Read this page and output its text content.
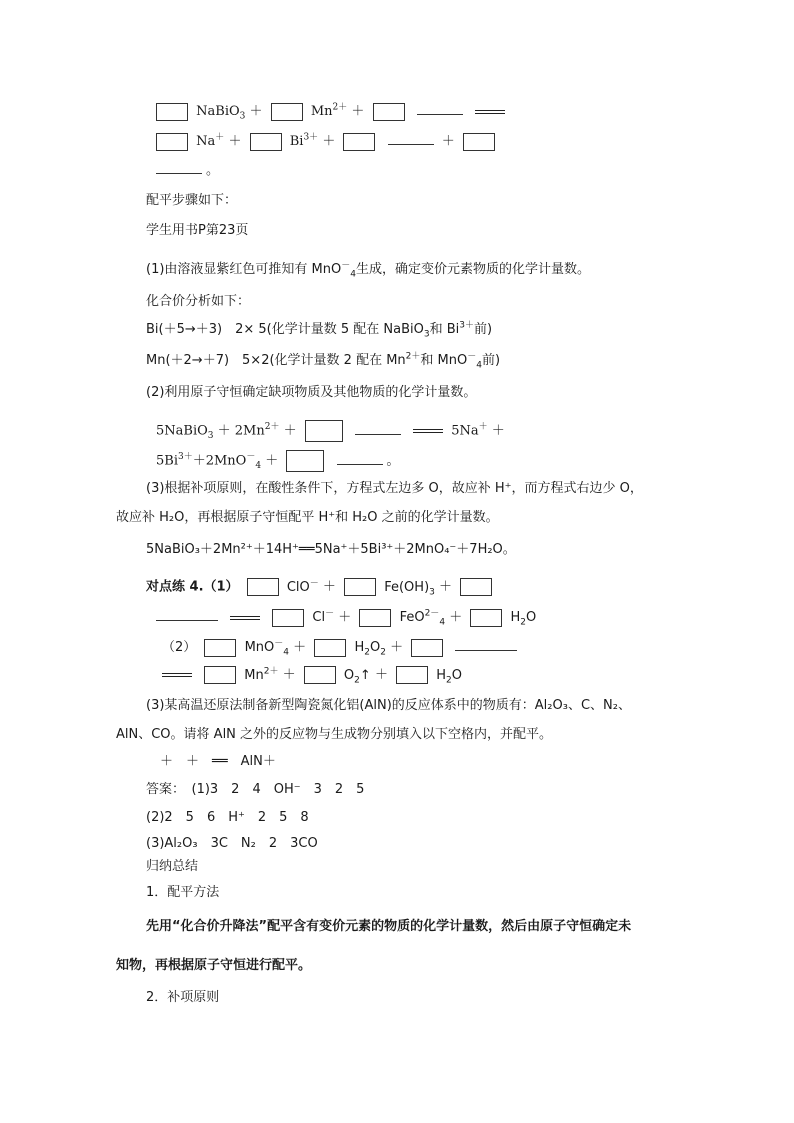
NaBiO$_3$ ＋	$Mn^{2+}$ ＋
Na＋ ＋	$Bi^{3+}$ ＋	＋
。
配平步骤如下：
学生用书P第23页
(1)由溶液显紫红色可推知有 MnO－$_4$生成，确定变价元素物质的化学计量数。
化合价分析如下：
Bi(＋5→＋3)　2× 5(化学计量数 5 配在 NaBiO$_3$和 $Bi^{3+}$前)
Mn(＋2→＋7)　5×2(化学计量数 2 配在 $Mn^{2+}$和 MnO－$_4$前)
(2)利用原子守恒确定缺项物质及其他物质的化学计量数。
5NaBiO$_3$ ＋ $2Mn^{2+}$ ＋	5Na＋ ＋
$5Bi^{3+}+2MnO^-_4$ ＋	。
(3)根据补项原则，在酸性条件下，方程式左边多 O，故应补 H⁺，而方程式右边少 O，
故应补 H₂O，再根据原子守恒配平 H⁺和 H₂O 之前的化学计量数。
5NaBiO₃＋2Mn²⁺＋14H⁺══5Na⁺＋5Bi³⁺＋2MnO₄⁻＋7H₂O。
对点练 4.（1）	ClO－ ＋	$Fe(OH)_3$ ＋

Cl－ ＋	FeO$^{2-}_4$ ＋	$H_2O$
（2）	MnO－$_4$ ＋	$H_2O_2$ ＋
$Mn^{2+}$ ＋	$O_2↑$ ＋	$H_2O$
(3)某高温还原法制备新型陶瓷氮化铝(AlN)的反应体系中的物质有：Al₂O₃、C、N₂、
AlN、CO。请将 AlN 之外的反应物与生成物分别填入以下空格内，并配平。
＋　＋　══　AlN＋
答案：　(1)3　2　4　OH⁻　3　2　5
(2)2　5　6　H⁺　2　5　8
(3)Al₂O₃　3C　N₂　2　3CO
归纳总结
1．配平方法
先用“化合价升降法”配平含有变价元素的物质的化学计量数，然后由原子守恒确定未
知物，再根据原子守恒进行配平。
2．补项原则
